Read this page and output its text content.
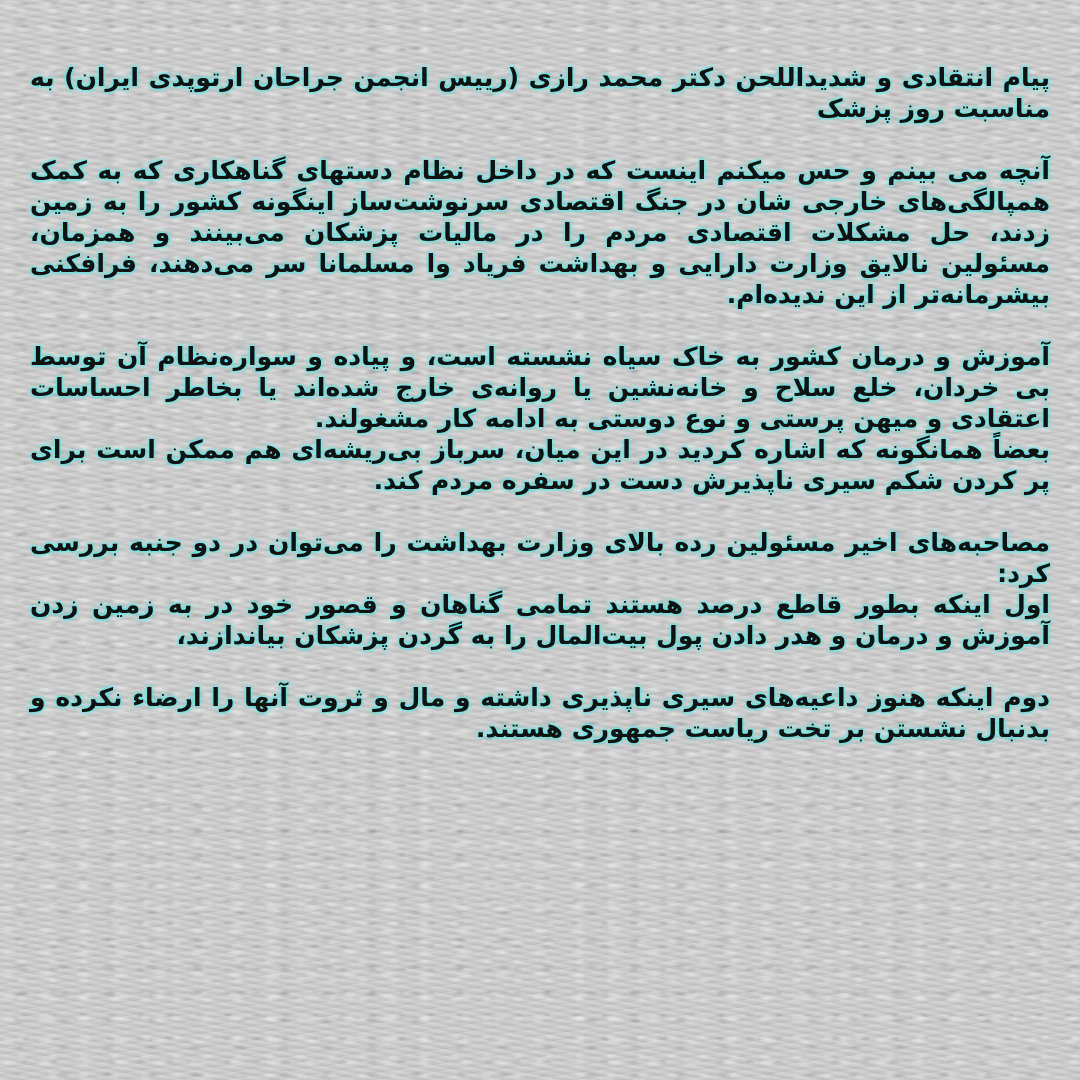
پیام انتقادی و شدیداللحن دکتر محمد رازی (رییس انجمن جراحان ارتوپدی ایران) به مناسبت روز پزشک

آنچه می بینم و حس میکنم اینست که در داخل نظام دستهای گناهکاری که به کمک همپالگی‌های خارجی شان در جنگ اقتصادی سرنوشت‌ساز اینگونه کشور را به زمین زدند، حل مشکلات اقتصادی مردم را در مالیات پزشکان می‌بینند و همزمان، مسئولین نالایق وزارت دارایی و بهداشت فریاد وا مسلمانا سر می‌دهند، فرافکنی بیشرمانه‌تر از این ندیده‌ام.

آموزش و درمان کشور به خاک سیاه نشسته است، و پیاده و سواره‌نظام آن توسط بی خردان، خلع سلاح و خانه‌نشین یا روانه‌ی خارج شده‌اند یا بخاطر احساسات اعتقادی و میهن پرستی و نوع دوستی به ادامه کار مشغولند.

بعضاً همانگونه که اشاره کردید در این میان، سرباز بی‌ریشه‌ای هم ممکن است برای پر کردن شکم سیری ناپذیرش دست در سفره مردم کند.

مصاحبه‌های اخیر مسئولین رده بالای وزارت بهداشت را می‌توان در دو جنبه بررسی کرد:

اول اینکه بطور قاطع درصد هستند تمامی گناهان و قصور خود در به زمین زدن آموزش و درمان و هدر دادن پول بیت‌المال را به گردن پزشکان بیاندازند،

دوم اینکه هنوز داعیه‌های سیری ناپذیری داشته و مال و ثروت آنها را ارضاء نکرده و بدنبال نشستن بر تخت ریاست جمهوری هستند.
